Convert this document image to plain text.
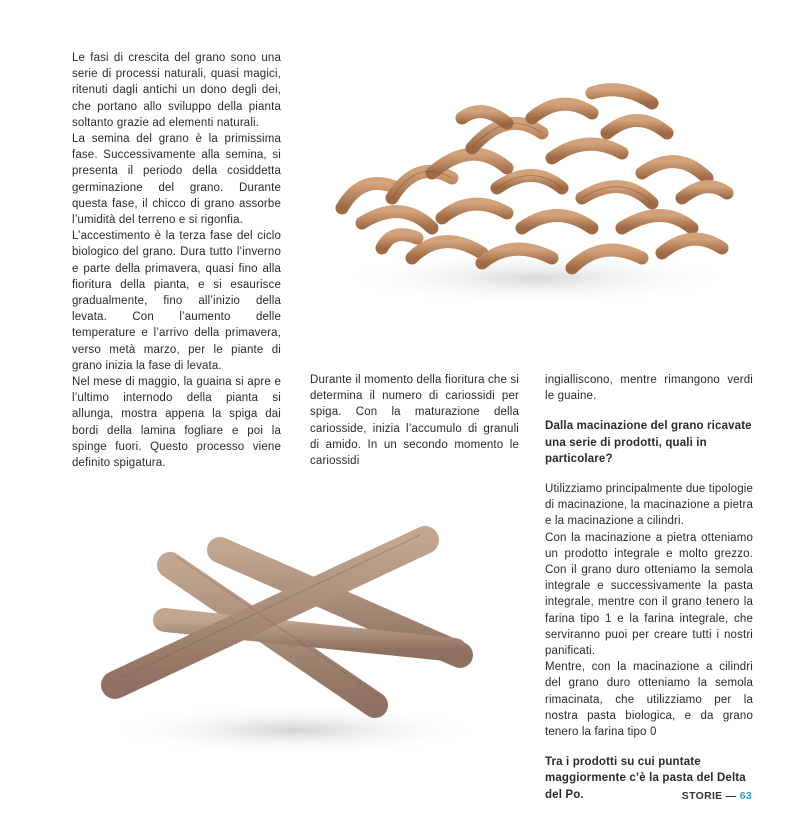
Le fasi di crescita del grano sono una serie di processi naturali, quasi magici, ritenuti dagli antichi un dono degli dei, che portano allo sviluppo della pianta soltanto grazie ad elementi naturali.

La semina del grano è la primissima fase. Successivamente alla semina, si presenta il periodo della cosiddetta germinazione del grano. Durante questa fase, il chicco di grano assorbe l’umidità del terreno e si rigonfia.

L’accestimento è la terza fase del ciclo biologico del grano. Dura tutto l’inverno e parte della primavera, quasi fino alla fioritura della pianta, e si esaurisce gradualmente, fino all’inizio della levata. Con l’aumento delle temperature e l’arrivo della primavera, verso metà marzo, per le piante di grano inizia la fase di levata.

Nel mese di maggio, la guaina si apre e l’ultimo internodo della pianta si allunga, mostra appena la spiga dai bordi della lamina fogliare e poi la spinge fuori. Questo processo viene definito spigatura.

Durante il momento della fioritura che si determina il numero di cariossidi per spiga. Con la maturazione della cariosside, inizia l’accumulo di granuli di amido. In un secondo momento le cariossidi

ingialliscono, mentre rimangono verdi le guaine.

Dalla macinazione del grano ricavate una serie di prodotti, quali in particolare?

Utilizziamo principalmente due tipologie di macinazione, la macinazione a pietra e la macinazione a cilindri.

Con la macinazione a pietra otteniamo un prodotto integrale e molto grezzo. Con il grano duro otteniamo la semola integrale e successivamente la pasta integrale, mentre con il grano tenero la farina tipo 1 e la farina integrale, che serviranno puoi per creare tutti i nostri panificati.

Mentre, con la macinazione a cilindri del grano duro otteniamo la semola rimacinata, che utilizziamo per la nostra pasta biologica, e da grano tenero la farina tipo 0

Tra i prodotti su cui puntate maggiormente c’è la pasta del Delta del Po.	STORIE — 63
